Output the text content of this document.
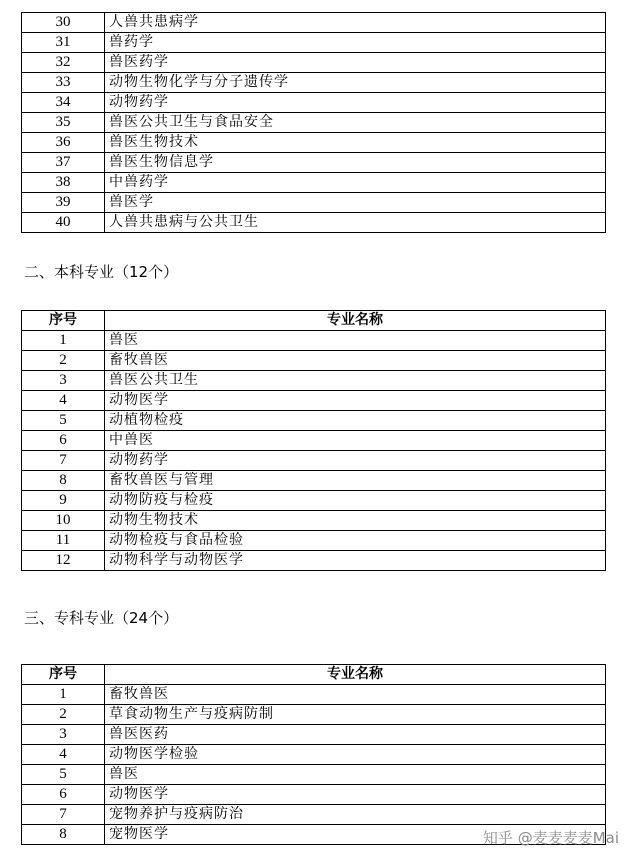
30	人兽共患病学
31	兽药学
32	兽医药学
33	动物生物化学与分子遗传学
34	动物药学
35	兽医公共卫生与食品安全
36	兽医生物技术
37	兽医生物信息学
38	中兽药学
39	兽医学
40	人兽共患病与公共卫生
二、本科专业（12个）
序号	专业名称
1	兽医
2	畜牧兽医
3	兽医公共卫生
4	动物医学
5	动植物检疫
6	中兽医
7	动物药学
8	畜牧兽医与管理
9	动物防疫与检疫
10	动物生物技术
11	动物检疫与食品检验
12	动物科学与动物医学
三、专科专业（24个）
序号	专业名称
1	畜牧兽医
2	草食动物生产与疫病防制
3	兽医医药
4	动物医学检验
5	兽医
6	动物医学
7	宠物养护与疫病防治
8	宠物医学	知乎 @麦麦麦麦Mai
